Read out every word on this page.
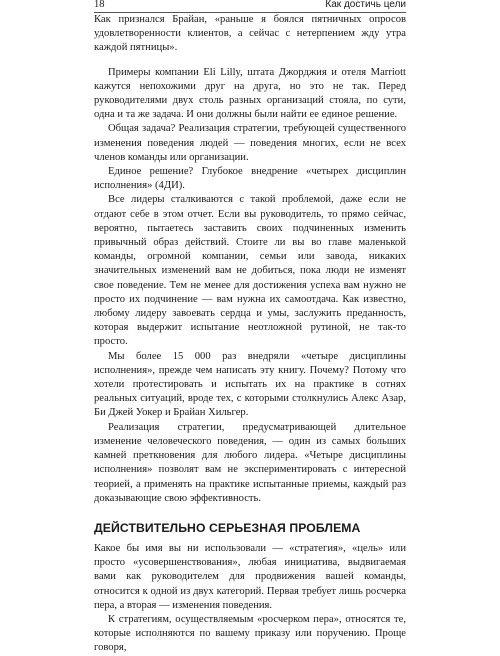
18	Как достичь цели

Как признался Брайан, «раньше я боялся пятничных опросов удовлетворенности клиентов, а сейчас с нетерпением жду утра каждой пятницы».

Примеры компании Eli Lilly, штата Джорджия и отеля Marriott кажутся непохожими друг на друга, но это не так. Перед руководителями двух столь разных организаций стояла, по сути, одна и та же задача. И они должны были найти ее единое решение.

Общая задача? Реализация стратегии, требующей существенного изменения поведения людей — поведения многих, если не всех членов команды или организации.

Единое решение? Глубокое внедрение «четырех дисциплин исполнения» (4ДИ).

Все лидеры сталкиваются с такой проблемой, даже если не отдают себе в этом отчет. Если вы руководитель, то прямо сейчас, вероятно, пытаетесь заставить своих подчиненных изменить привычный образ действий. Стоите ли вы во главе маленькой команды, огромной компании, семьи или завода, никаких значительных изменений вам не добиться, пока люди не изменят свое поведение. Тем не менее для достижения успеха вам нужно не просто их подчинение — вам нужна их самоотдача. Как известно, любому лидеру завоевать сердца и умы, заслужить преданность, которая выдержит испытание неотложной рутиной, не так-то просто.

Мы более 15 000 раз внедряли «четыре дисциплины исполнения», прежде чем написать эту книгу. Почему? Потому что хотели протестировать и испытать их на практике в сотнях реальных ситуаций, вроде тех, с которыми столкнулись Алекс Азар, Би Джей Уокер и Брайан Хильгер.

Реализация стратегии, предусматривающей длительное изменение человеческого поведения, — один из самых больших камней преткновения для любого лидера. «Четыре дисциплины исполнения» позволят вам не экспериментировать с интересной теорией, а применять на практике испытанные приемы, каждый раз доказывающие свою эффективность.

ДЕЙСТВИТЕЛЬНО СЕРЬЕЗНАЯ ПРОБЛЕМА

Какое бы имя вы ни использовали — «стратегия», «цель» или просто «усовершенствования», любая инициатива, выдвигаемая вами как руководителем для продвижения вашей команды, относится к одной из двух категорий. Первая требует лишь росчерка пера, а вторая — изменения поведения.

К стратегиям, осуществляемым «росчерком пера», относятся те, которые исполняются по вашему приказу или поручению. Проще говоря,
